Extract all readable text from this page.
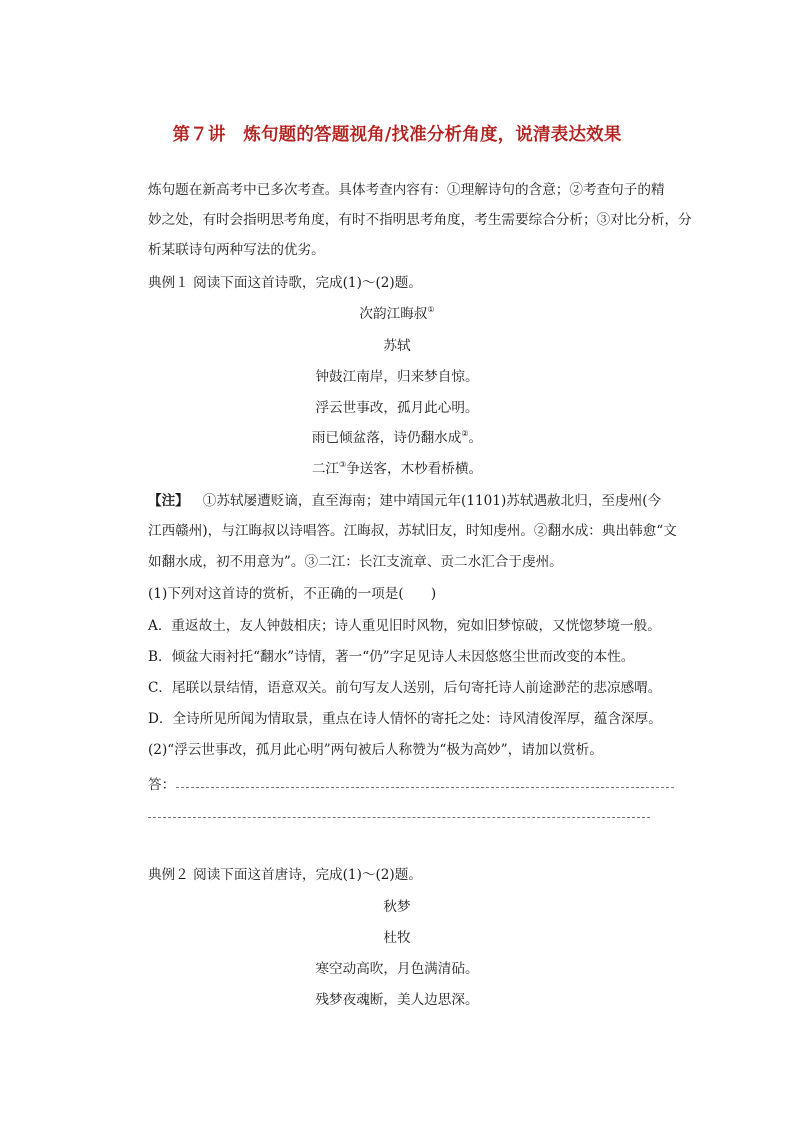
第７讲　炼句题的答题视角/找准分析角度，说清表达效果
炼句题在新高考中已多次考查。具体考查内容有：①理解诗句的含意；②考查句子的精
妙之处，有时会指明思考角度，有时不指明思考角度，考生需要综合分析；③对比分析，分
析某联诗句两种写法的优劣。
典例１ 阅读下面这首诗歌，完成(1)～(2)题。
次韵江晦叔①
苏轼
钟鼓江南岸，归来梦自惊。
浮云世事改，孤月此心明。
雨已倾盆落，诗仍翻水成②。
二江③争送客，木杪看桥横。
【注】 ①苏轼屡遭贬谪，直至海南；建中靖国元年(1101)苏轼遇赦北归，至虔州(今
江西赣州)，与江晦叔以诗唱答。江晦叔，苏轼旧友，时知虔州。②翻水成：典出韩愈“文
如翻水成，初不用意为”。③二江：长江支流章、贡二水汇合于虔州。
(1)下列对这首诗的赏析，不正确的一项是(　　)
A．重返故土，友人钟鼓相庆；诗人重见旧时风物，宛如旧梦惊破，又恍惚梦境一般。
B．倾盆大雨衬托“翻水”诗情，著一“仍”字足见诗人未因悠悠尘世而改变的本性。
C．尾联以景结情，语意双关。前句写友人送别，后句寄托诗人前途渺茫的悲凉感喟。
D．全诗所见所闻为情取景，重点在诗人情怀的寄托之处：诗风清俊浑厚，蕴含深厚。
(2)“浮云世事改，孤月此心明”两句被后人称赞为“极为高妙”，请加以赏析。
答：
典例２ 阅读下面这首唐诗，完成(1)～(2)题。
秋梦
杜牧
寒空动高吹，月色满清砧。
残梦夜魂断，美人边思深。
